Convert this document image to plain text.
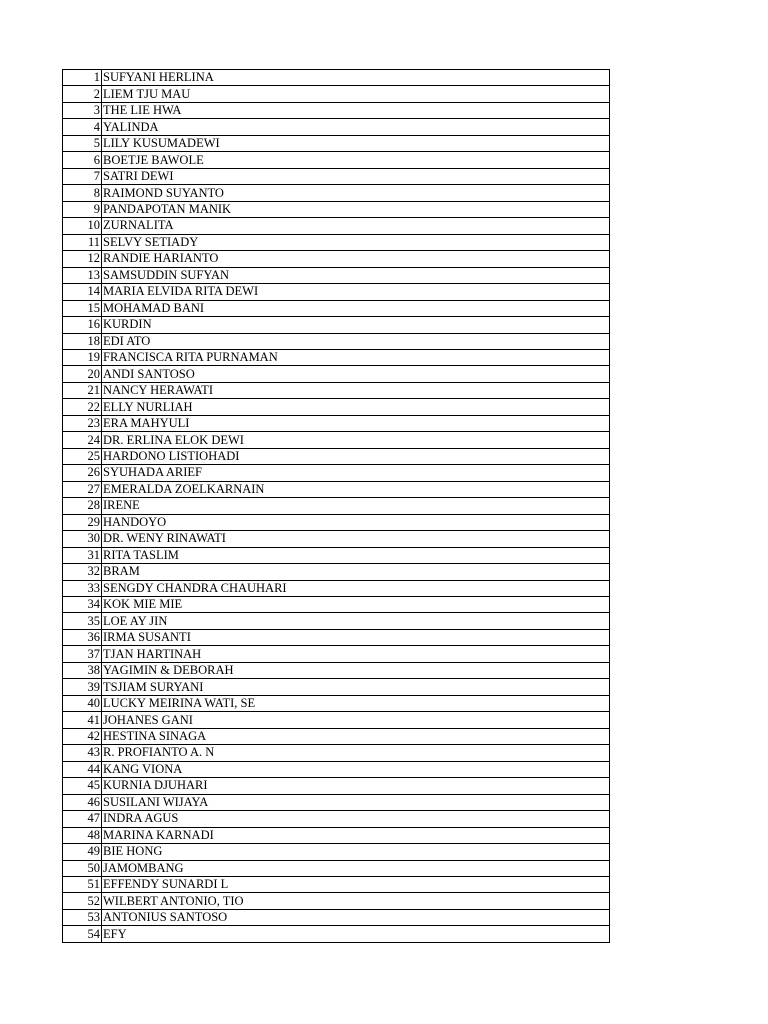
1	SUFYANI HERLINA
2	LIEM TJU MAU
3	THE LIE HWA
4	YALINDA
5	LILY KUSUMADEWI
6	BOETJE BAWOLE
7	SATRI DEWI
8	RAIMOND SUYANTO
9	PANDAPOTAN MANIK
10	ZURNALITA
11	SELVY SETIADY
12	RANDIE HARIANTO
13	SAMSUDDIN SUFYAN
14	MARIA ELVIDA RITA DEWI
15	MOHAMAD BANI
16	KURDIN
18	EDI ATO
19	FRANCISCA RITA PURNAMAN
20	ANDI SANTOSO
21	NANCY HERAWATI
22	ELLY NURLIAH
23	ERA MAHYULI
24	DR. ERLINA ELOK DEWI
25	HARDONO LISTIOHADI
26	SYUHADA ARIEF
27	EMERALDA ZOELKARNAIN
28	IRENE
29	HANDOYO
30	DR. WENY RINAWATI
31	RITA TASLIM
32	BRAM
33	SENGDY CHANDRA CHAUHARI
34	KOK MIE MIE
35	LOE AY JIN
36	IRMA SUSANTI
37	TJAN HARTINAH
38	YAGIMIN & DEBORAH
39	TSJIAM SURYANI
40	LUCKY MEIRINA WATI, SE
41	JOHANES GANI
42	HESTINA SINAGA
43	R. PROFIANTO A. N
44	KANG VIONA
45	KURNIA DJUHARI
46	SUSILANI WIJAYA
47	INDRA AGUS
48	MARINA KARNADI
49	BIE HONG
50	JAMOMBANG
51	EFFENDY SUNARDI L
52	WILBERT ANTONIO, TIO
53	ANTONIUS SANTOSO
54	EFY
